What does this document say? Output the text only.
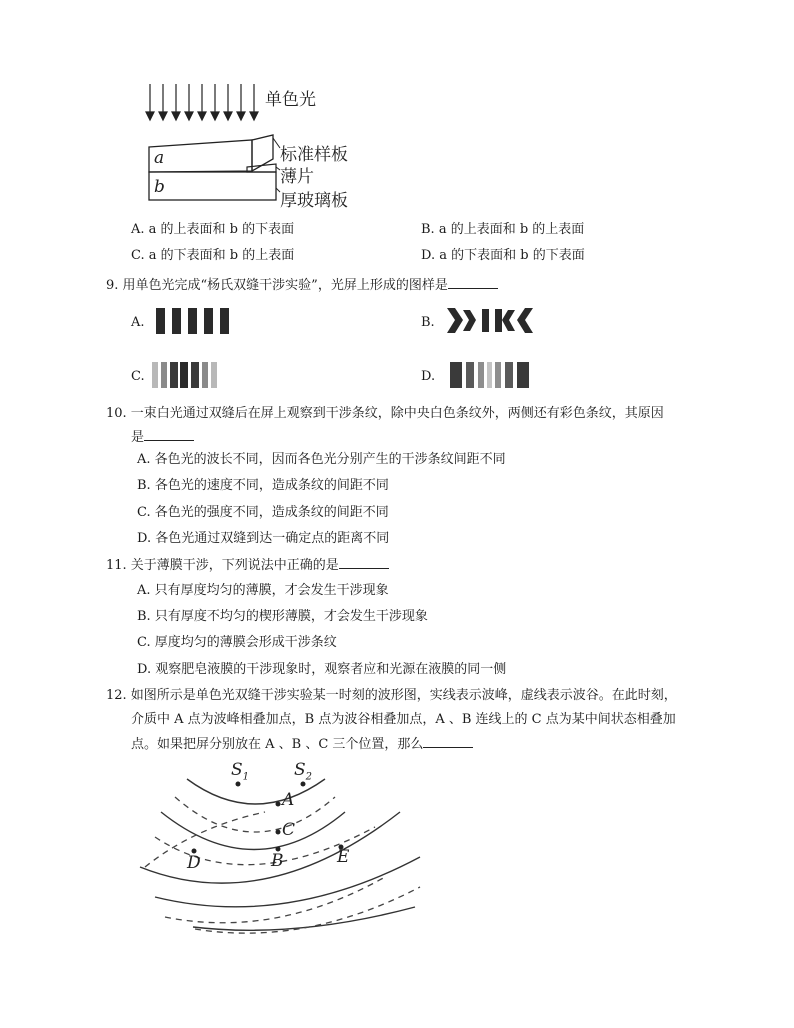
单色光
a
b
标准样板
薄片
厚玻璃板
A. a 的上表面和 b 的下表面	B. a 的上表面和 b 的上表面
C. a 的下表面和 b 的上表面	D. a 的下表面和 b 的下表面
9. 用单色光完成“杨氏双缝干涉实验”，光屏上形成的图样是
A.	B.
C.	D.
10. 一束白光通过双缝后在屏上观察到干涉条纹，除中央白色条纹外，两侧还有彩色条纹，其原因
是
A. 各色光的波长不同，因而各色光分别产生的干涉条纹间距不同
B. 各色光的速度不同，造成条纹的间距不同
C. 各色光的强度不同，造成条纹的间距不同
D. 各色光通过双缝到达一确定点的距离不同
11. 关于薄膜干涉，下列说法中正确的是
A. 只有厚度均匀的薄膜，才会发生干涉现象
B. 只有厚度不均匀的楔形薄膜，才会发生干涉现象
C. 厚度均匀的薄膜会形成干涉条纹
D. 观察肥皂液膜的干涉现象时，观察者应和光源在液膜的同一侧
12. 如图所示是单色光双缝干涉实验某一时刻的波形图，实线表示波峰，虚线表示波谷。在此时刻，
介质中 A 点为波峰相叠加点，B 点为波谷相叠加点，A 、B 连线上的 C 点为某中间状态相叠加
点。如果把屏分别放在 A 、B 、C 三个位置，那么
$S_1$	$S_2$
A
C
B
D	E
